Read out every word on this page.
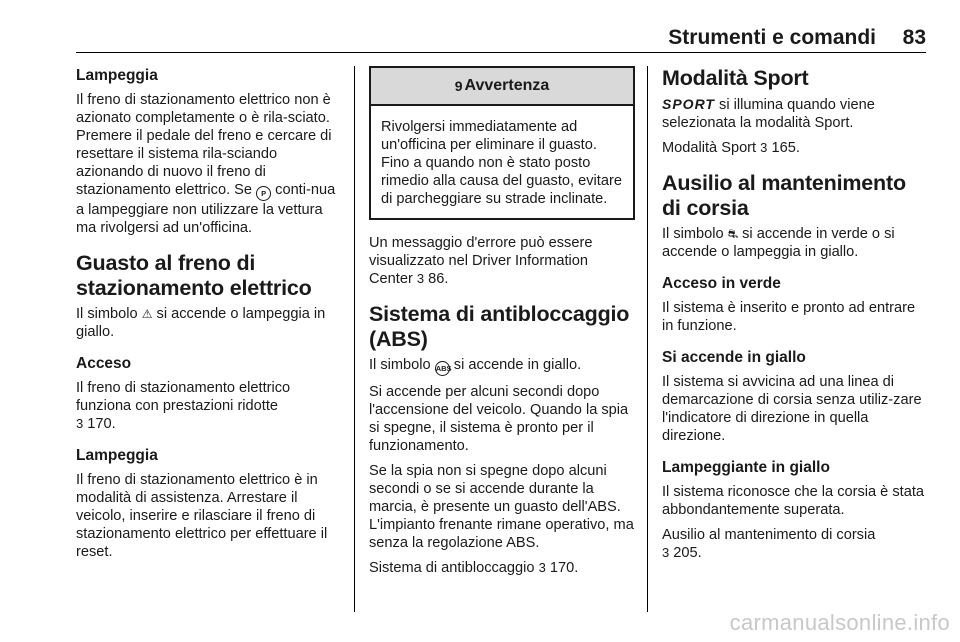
Strumenti e comandi 83
Lampeggia

Il freno di stazionamento elettrico non è azionato completamente o è rila-sciato. Premere il pedale del freno e cercare di resettare il sistema rila-sciando azionando di nuovo il freno di stazionamento elettrico. Se P conti-nua a lampeggiare non utilizzare la vettura ma rivolgersi ad un'officina.

Guasto al freno di stazionamento elettrico

Il simbolo ⚠ si accende o lampeggia in giallo.

Acceso

Il freno di stazionamento elettrico funziona con prestazioni ridotte
3 170.

Lampeggia

Il freno di stazionamento elettrico è in modalità di assistenza. Arrestare il veicolo, inserire e rilasciare il freno di stazionamento elettrico per effettuare il reset.

9 Avvertenza

Rivolgersi immediatamente ad un'officina per eliminare il guasto. Fino a quando non è stato posto rimedio alla causa del guasto, evitare di parcheggiare su strade inclinate.

Un messaggio d'errore può essere visualizzato nel Driver Information Center 3 86.

Sistema di antibloccaggio (ABS)

Il simbolo ABS si accende in giallo.

Si accende per alcuni secondi dopo l'accensione del veicolo. Quando la spia si spegne, il sistema è pronto per il funzionamento.

Se la spia non si spegne dopo alcuni secondi o se si accende durante la marcia, è presente un guasto dell'ABS. L'impianto frenante rimane operativo, ma senza la regolazione ABS.

Sistema di antibloccaggio 3 170.

Modalità Sport

SPORT si illumina quando viene selezionata la modalità Sport.

Modalità Sport 3 165.

Ausilio al mantenimento di corsia

Il simbolo ⛐ si accende in verde o si accende o lampeggia in giallo.

Acceso in verde

Il sistema è inserito e pronto ad entrare in funzione.

Si accende in giallo

Il sistema si avvicina ad una linea di demarcazione di corsia senza utiliz-zare l'indicatore di direzione in quella direzione.

Lampeggiante in giallo

Il sistema riconosce che la corsia è stata abbondantemente superata.

Ausilio al mantenimento di corsia
3 205.

carmanualsonline.info
